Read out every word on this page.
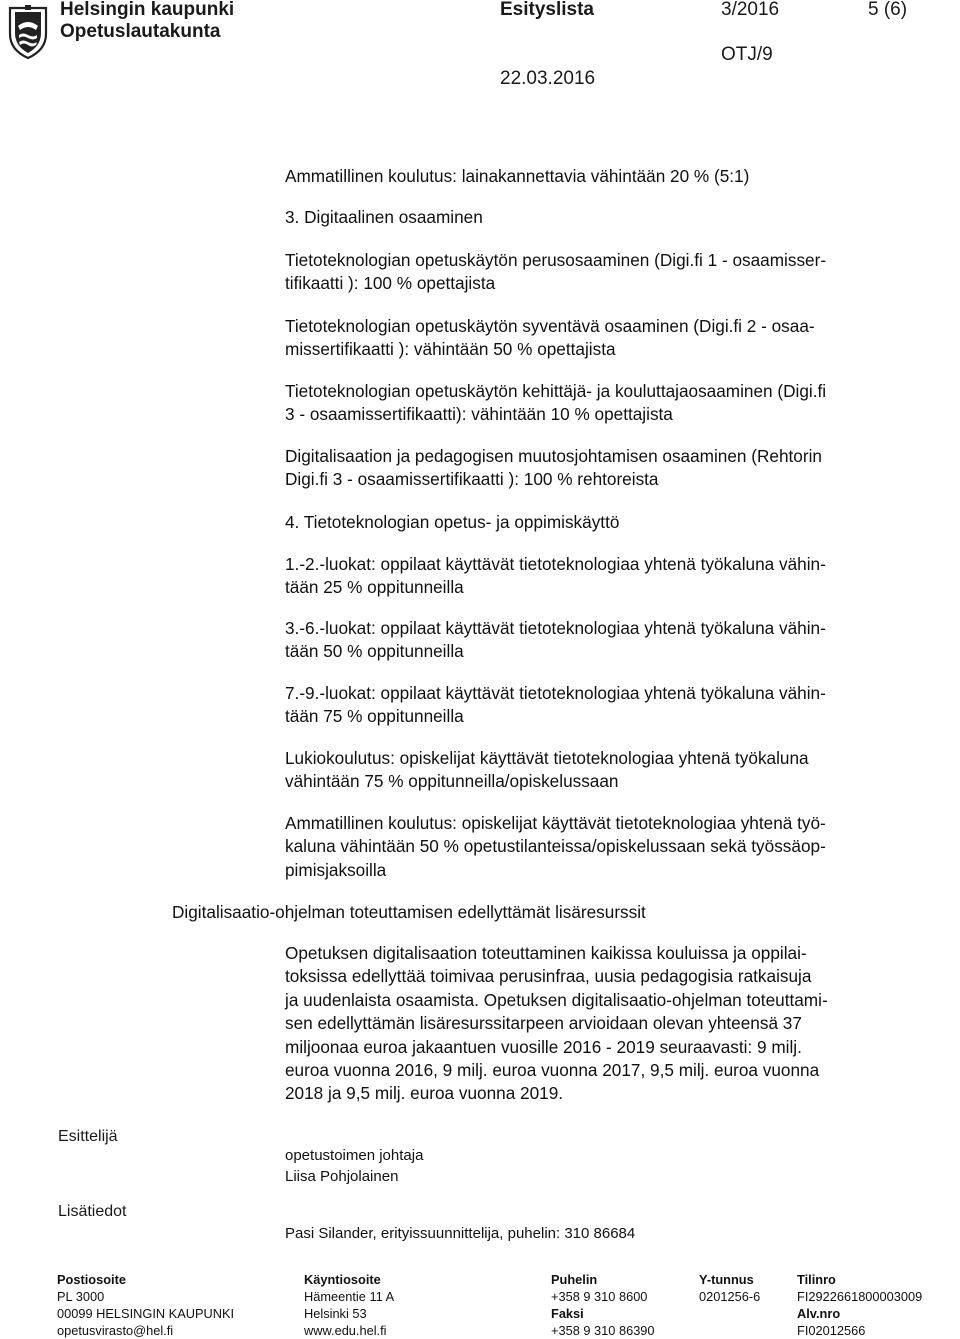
Helsingin kaupunki
Opetuslautakunta
Esityslista	3/2016	5 (6)
OTJ/9
22.03.2016
Ammatillinen koulutus: lainakannettavia vähintään 20 % (5:1)
3. Digitaalinen osaaminen
Tietoteknologian opetuskäytön perusosaaminen (Digi.fi 1 - osaamisser-
tifikaatti ): 100 % opettajista
Tietoteknologian opetuskäytön syventävä osaaminen (Digi.fi 2 - osaa-
missertifikaatti ): vähintään 50 % opettajista
Tietoteknologian opetuskäytön kehittäjä- ja kouluttajaosaaminen (Digi.fi
3 - osaamissertifikaatti): vähintään 10 % opettajista
Digitalisaation ja pedagogisen muutosjohtamisen osaaminen (Rehtorin
Digi.fi 3 - osaamissertifikaatti ): 100 % rehtoreista
4. Tietoteknologian opetus- ja oppimiskäyttö
1.-2.-luokat: oppilaat käyttävät tietoteknologiaa yhtenä työkaluna vähin-
tään 25 % oppitunneilla
3.-6.-luokat: oppilaat käyttävät tietoteknologiaa yhtenä työkaluna vähin-
tään 50 % oppitunneilla
7.-9.-luokat: oppilaat käyttävät tietoteknologiaa yhtenä työkaluna vähin-
tään 75 % oppitunneilla
Lukiokoulutus: opiskelijat käyttävät tietoteknologiaa yhtenä työkaluna
vähintään 75 % oppitunneilla/opiskelussaan
Ammatillinen koulutus: opiskelijat käyttävät tietoteknologiaa yhtenä työ-
kaluna vähintään 50 % opetustilanteissa/opiskelussaan sekä työssäop-
pimisjaksoilla
Digitalisaatio-ohjelman toteuttamisen edellyttämät lisäresurssit
Opetuksen digitalisaation toteuttaminen kaikissa kouluissa ja oppilai-
toksissa edellyttää toimivaa perusinfraa, uusia pedagogisia ratkaisuja
ja uudenlaista osaamista. Opetuksen digitalisaatio-ohjelman toteuttami-
sen edellyttämän lisäresurssitarpeen arvioidaan olevan yhteensä 37
miljoonaa euroa jakaantuen vuosille 2016 - 2019 seuraavasti: 9 milj.
euroa vuonna 2016, 9 milj. euroa vuonna 2017, 9,5 milj. euroa vuonna
2018 ja 9,5 milj. euroa vuonna 2019.
Esittelijä
opetustoimen johtaja
Liisa Pohjolainen
Lisätiedot
Pasi Silander, erityissuunnittelija, puhelin: 310 86684
Postiosoite
PL 3000
00099 HELSINGIN KAUPUNKI
opetusvirasto@hel.fi
Käyntiosoite
Hämeentie 11 A
Helsinki 53
www.edu.hel.fi
Puhelin
+358 9 310 8600
Faksi
+358 9 310 86390
Y-tunnus
0201256-6
Tilinro
FI2922661800003009
Alv.nro
FI02012566
